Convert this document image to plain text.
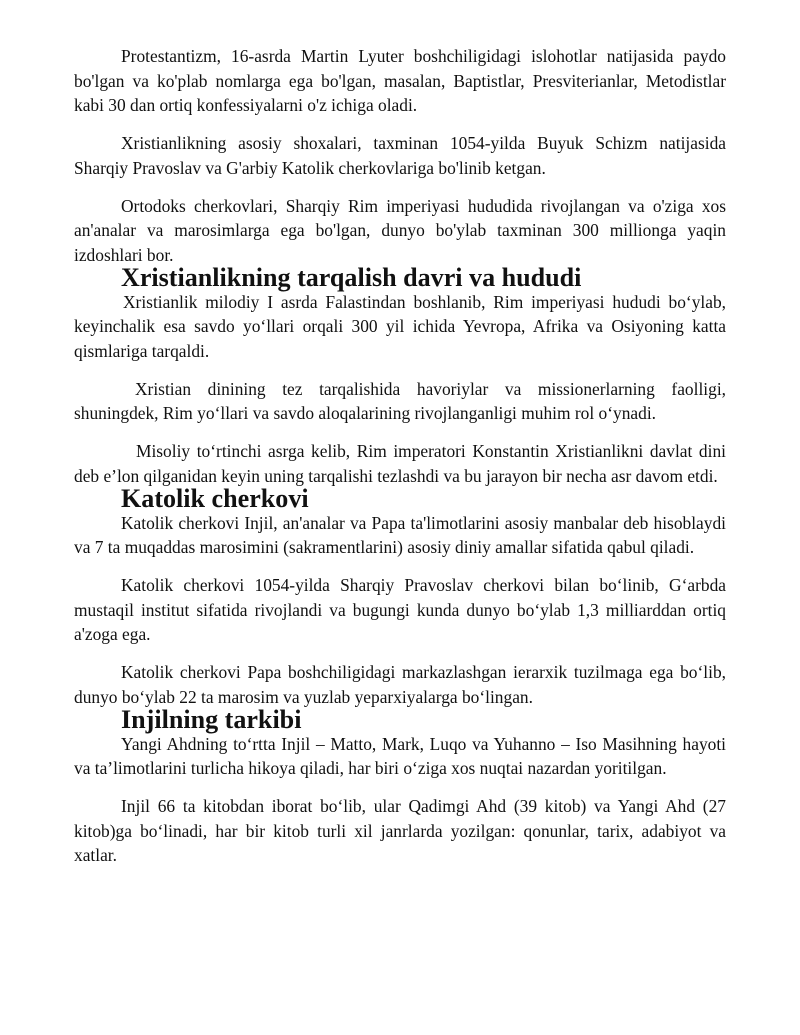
Protestantizm, 16-asrda Martin Lyuter boshchiligidagi islohotlar natijasida paydo bo'lgan va ko'plab nomlarga ega bo'lgan, masalan, Baptistlar, Presviterianlar, Metodistlar kabi 30 dan ortiq konfessiyalarni o'z ichiga oladi.

Xristianlikning asosiy shoxalari, taxminan 1054-yilda Buyuk Schizm natijasida Sharqiy Pravoslav va G'arbiy Katolik cherkovlariga bo'linib ketgan.

Ortodoks cherkovlari, Sharqiy Rim imperiyasi hududida rivojlangan va o'ziga xos an'analar va marosimlarga ega bo'lgan, dunyo bo'ylab taxminan 300 millionga yaqin izdoshlari bor.

Xristianlikning tarqalish davri va hududi

Xristianlik milodiy I asrda Falastindan boshlanib, Rim imperiyasi hududi bo‘ylab, keyinchalik esa savdo yo‘llari orqali 300 yil ichida Yevropa, Afrika va Osiyoning katta qismlariga tarqaldi.

Xristian dinining tez tarqalishida havoriylar va missionerlarning faolligi, shuningdek, Rim yo‘llari va savdo aloqalarining rivojlanganligi muhim rol o‘ynadi.

Misoliy to‘rtinchi asrga kelib, Rim imperatori Konstantin Xristianlikni davlat dini deb e’lon qilganidan keyin uning tarqalishi tezlashdi va bu jarayon bir necha asr davom etdi.

Katolik cherkovi

Katolik cherkovi Injil, an'analar va Papa ta'limotlarini asosiy manbalar deb hisoblaydi va 7 ta muqaddas marosimini (sakramentlarini) asosiy diniy amallar sifatida qabul qiladi.

Katolik cherkovi 1054-yilda Sharqiy Pravoslav cherkovi bilan bo‘linib, G‘arbda mustaqil institut sifatida rivojlandi va bugungi kunda dunyo bo‘ylab 1,3 milliarddan ortiq a'zoga ega.

Katolik cherkovi Papa boshchiligidagi markazlashgan ierarxik tuzilmaga ega bo‘lib, dunyo bo‘ylab 22 ta marosim va yuzlab yeparxiyalarga bo‘lingan.

Injilning tarkibi

Yangi Ahdning to‘rtta Injil – Matto, Mark, Luqo va Yuhanno – Iso Masihning hayoti va ta’limotlarini turlicha hikoya qiladi, har biri o‘ziga xos nuqtai nazardan yoritilgan.

Injil 66 ta kitobdan iborat bo‘lib, ular Qadimgi Ahd (39 kitob) va Yangi Ahd (27 kitob)ga bo‘linadi, har bir kitob turli xil janrlarda yozilgan: qonunlar, tarix, adabiyot va xatlar.
